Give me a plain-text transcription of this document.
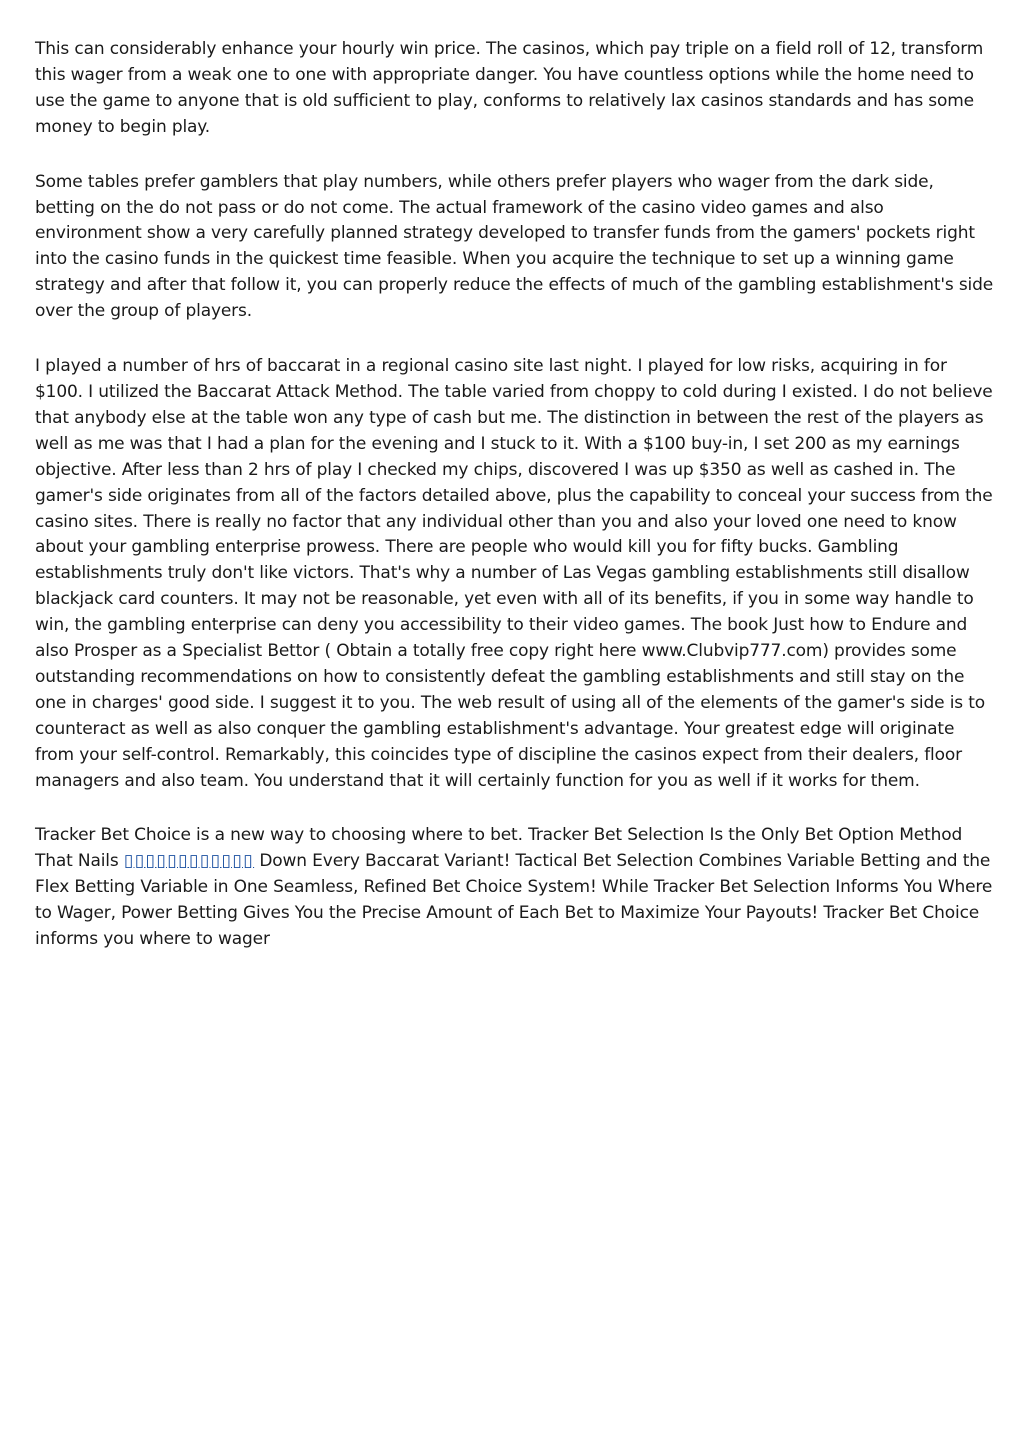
This can considerably enhance your hourly win price. The casinos, which pay triple on a field roll of 12, transform this wager from a weak one to one with appropriate danger. You have countless options while the home need to use the game to anyone that is old sufficient to play, conforms to relatively lax casinos standards and has some money to begin play.

Some tables prefer gamblers that play numbers, while others prefer players who wager from the dark side, betting on the do not pass or do not come. The actual framework of the casino video games and also environment show a very carefully planned strategy developed to transfer funds from the gamers' pockets right into the casino funds in the quickest time feasible. When you acquire the technique to set up a winning game strategy and after that follow it, you can properly reduce the effects of much of the gambling establishment's side over the group of players.

I played a number of hrs of baccarat in a regional casino site last night. I played for low risks, acquiring in for $100. I utilized the Baccarat Attack Method. The table varied from choppy to cold during I existed. I do not believe that anybody else at the table won any type of cash but me. The distinction in between the rest of the players as well as me was that I had a plan for the evening and I stuck to it. With a $100 buy-in, I set 200 as my earnings objective. After less than 2 hrs of play I checked my chips, discovered I was up $350 as well as cashed in. The gamer's side originates from all of the factors detailed above, plus the capability to conceal your success from the casino sites. There is really no factor that any individual other than you and also your loved one need to know about your gambling enterprise prowess. There are people who would kill you for fifty bucks. Gambling establishments truly don't like victors. That's why a number of Las Vegas gambling establishments still disallow blackjack card counters. It may not be reasonable, yet even with all of its benefits, if you in some way handle to win, the gambling enterprise can deny you accessibility to their video games. The book Just how to Endure and also Prosper as a Specialist Bettor ( Obtain a totally free copy right here www.Clubvip777.com) provides some outstanding recommendations on how to consistently defeat the gambling establishments and still stay on the one in charges' good side. I suggest it to you. The web result of using all of the elements of the gamer's side is to counteract as well as also conquer the gambling establishment's advantage. Your greatest edge will originate from your self-control. Remarkably, this coincides type of discipline the casinos expect from their dealers, floor managers and also team. You understand that it will certainly function for you as well if it works for them.

Tracker Bet Choice is a new way to choosing where to bet. Tracker Bet Selection Is the Only Bet Option Method That Nails ▯▯▯▯▯▯▯▯▯▯▯▯ Down Every Baccarat Variant! Tactical Bet Selection Combines Variable Betting and the Flex Betting Variable in One Seamless, Refined Bet Choice System! While Tracker Bet Selection Informs You Where to Wager, Power Betting Gives You the Precise Amount of Each Bet to Maximize Your Payouts! Tracker Bet Choice informs you where to wager
